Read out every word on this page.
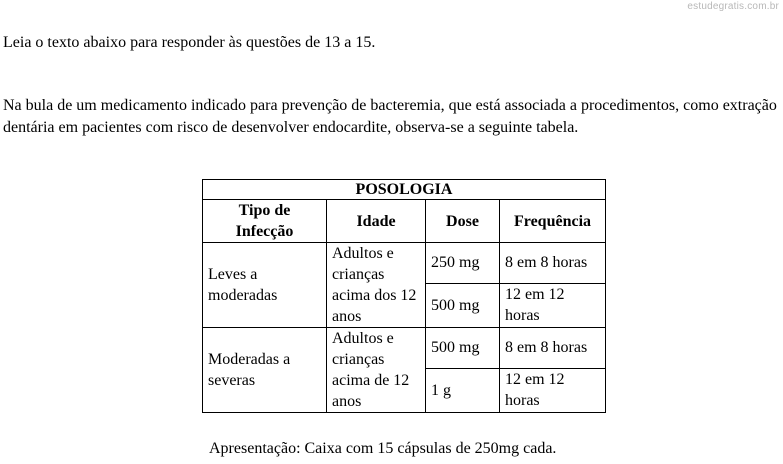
estudegratis.com.br

Leia o texto abaixo para responder às questões de 13 a 15.

Na bula de um medicamento indicado para prevenção de bacteremia, que está associada a procedimentos, como extração dentária em pacientes com risco de desenvolver endocardite, observa-se a seguinte tabela.

POSOLOGIA			
Tipo de Infecção	Idade	Dose	Frequência
Leves a moderadas	Adultos e crianças acima dos 12 anos	250 mg	8 em 8 horas
		500 mg	12 em 12 horas
Moderadas a severas	Adultos e crianças acima de 12 anos	500 mg	8 em 8 horas
		1 g	12 em 12 horas

Apresentação: Caixa com 15 cápsulas de 250mg cada.
